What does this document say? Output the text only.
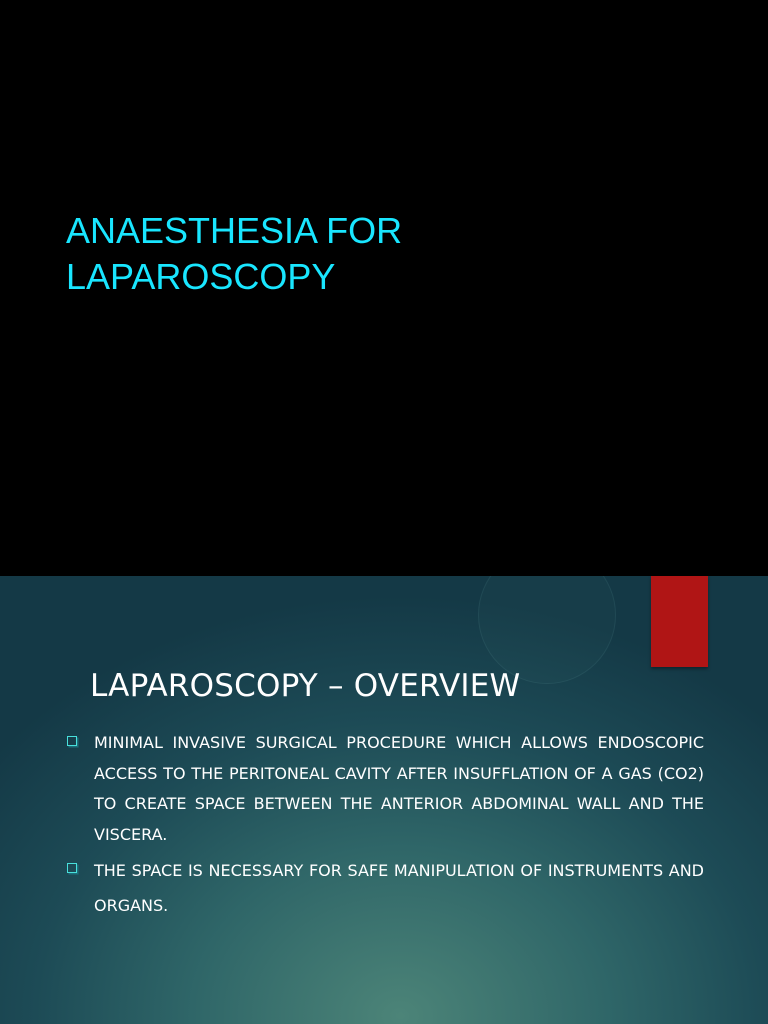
ANAESTHESIA FOR
LAPAROSCOPY
LAPAROSCOPY – OVERVIEW
MINIMAL INVASIVE SURGICAL PROCEDURE WHICH ALLOWS ENDOSCOPIC ACCESS TO THE PERITONEAL CAVITY AFTER INSUFFLATION OF A GAS (CO2) TO CREATE SPACE BETWEEN THE ANTERIOR ABDOMINAL WALL AND THE VISCERA.
THE SPACE IS NECESSARY FOR SAFE MANIPULATION OF INSTRUMENTS AND ORGANS.
